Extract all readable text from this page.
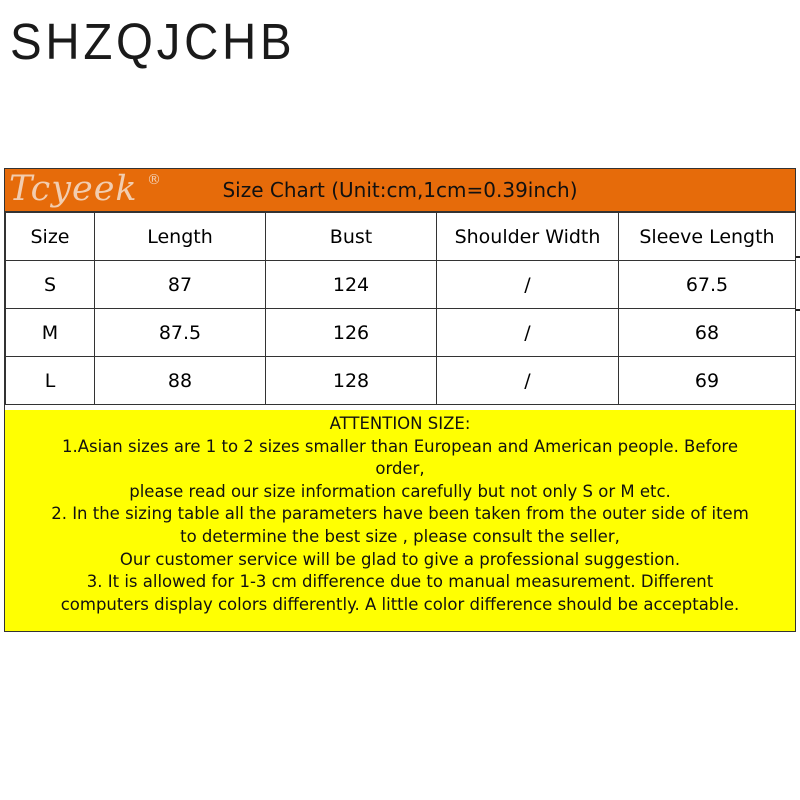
SHZQJCHB
Tcyeek ®	Size Chart (Unit:cm,1cm=0.39inch)
Size	Length	Bust	Shoulder Width	Sleeve Length
S	87	124	/	67.5
M	87.5	126	/	68
L	88	128	/	69
ATTENTION SIZE:
1.Asian sizes are 1 to 2 sizes smaller than European and American people. Before
order,
please read our size information carefully but not only S or M etc.
2. In the sizing table all the parameters have been taken from the outer side of item
to determine the best size , please consult the seller,
Our customer service will be glad to give a professional suggestion.
3. It is allowed for 1-3 cm difference due to manual measurement. Different
computers display colors differently. A little color difference should be acceptable.
